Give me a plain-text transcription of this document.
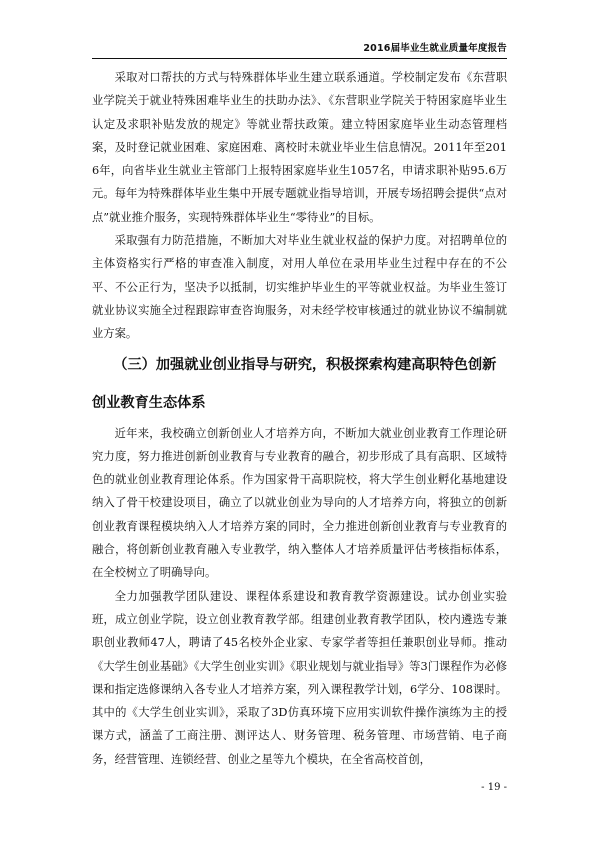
2016届毕业生就业质量年度报告

采取对口帮扶的方式与特殊群体毕业生建立联系通道。学校制定发布《东营职业学院关于就业特殊困难毕业生的扶助办法》、《东营职业学院关于特困家庭毕业生认定及求职补贴发放的规定》等就业帮扶政策。建立特困家庭毕业生动态管理档案，及时登记就业困难、家庭困难、离校时未就业毕业生信息情况。2011年至2016年，向省毕业生就业主管部门上报特困家庭毕业生1057名，申请求职补贴95.6万元。每年为特殊群体毕业生集中开展专题就业指导培训，开展专场招聘会提供“点对点”就业推介服务，实现特殊群体毕业生“零待业”的目标。

采取强有力防范措施，不断加大对毕业生就业权益的保护力度。对招聘单位的主体资格实行严格的审查准入制度，对用人单位在录用毕业生过程中存在的不公平、不公正行为，坚决予以抵制，切实维护毕业生的平等就业权益。为毕业生签订就业协议实施全过程跟踪审查咨询服务，对未经学校审核通过的就业协议不编制就业方案。

（三）加强就业创业指导与研究，积极探索构建高职特色创新创业教育生态体系

近年来，我校确立创新创业人才培养方向，不断加大就业创业教育工作理论研究力度，努力推进创新创业教育与专业教育的融合，初步形成了具有高职、区域特色的就业创业教育理论体系。作为国家骨干高职院校，将大学生创业孵化基地建设纳入了骨干校建设项目，确立了以就业创业为导向的人才培养方向，将独立的创新创业教育课程模块纳入人才培养方案的同时，全力推进创新创业教育与专业教育的融合，将创新创业教育融入专业教学，纳入整体人才培养质量评估考核指标体系，在全校树立了明确导向。

全力加强教学团队建设、课程体系建设和教育教学资源建设。试办创业实验班，成立创业学院，设立创业教育教学部。组建创业教育教学团队，校内遴选专兼职创业教师47人，聘请了45名校外企业家、专家学者等担任兼职创业导师。推动《大学生创业基础》《大学生创业实训》《职业规划与就业指导》等3门课程作为必修课和指定选修课纳入各专业人才培养方案，列入课程教学计划，6学分、108课时。其中的《大学生创业实训》，采取了3D仿真环境下应用实训软件操作演练为主的授课方式，涵盖了工商注册、测评达人、财务管理、税务管理、市场营销、电子商务，经营管理、连锁经营、创业之星等九个模块，在全省高校首创，

- 19 -
